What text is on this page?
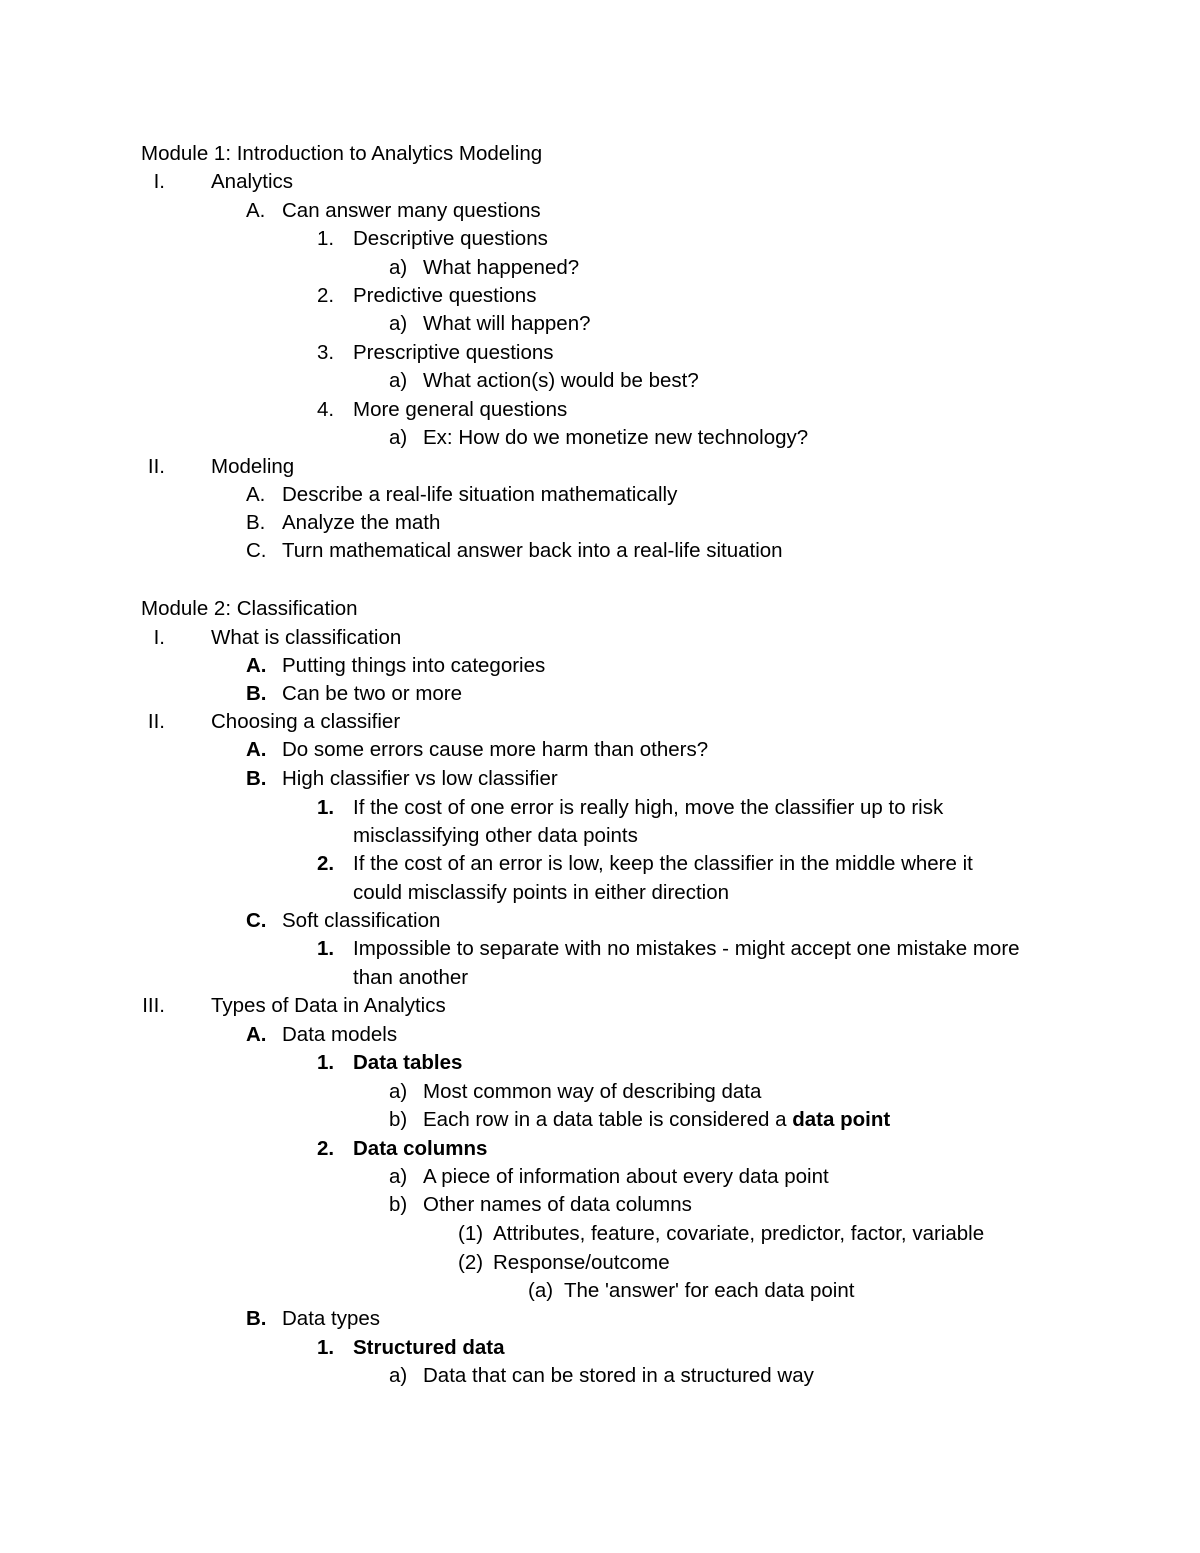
Module 1: Introduction to Analytics Modeling
I.	Analytics
A. Can answer many questions
1. Descriptive questions
a) What happened?
2. Predictive questions
a) What will happen?
3. Prescriptive questions
a) What action(s) would be best?
4. More general questions
a) Ex: How do we monetize new technology?
II.	Modeling
A. Describe a real-life situation mathematically
B. Analyze the math
C. Turn mathematical answer back into a real-life situation
Module 2: Classification
I.	What is classification
A. Putting things into categories
B. Can be two or more
II.	Choosing a classifier
A. Do some errors cause more harm than others?
B. High classifier vs low classifier
1. If the cost of one error is really high, move the classifier up to risk
misclassifying other data points
2. If the cost of an error is low, keep the classifier in the middle where it
could misclassify points in either direction
C. Soft classification
1. Impossible to separate with no mistakes - might accept one mistake more
than another
III.	Types of Data in Analytics
A. Data models
1. Data tables
a) Most common way of describing data
b) Each row in a data table is considered a data point
2. Data columns
a) A piece of information about every data point
b) Other names of data columns
(1) Attributes, feature, covariate, predictor, factor, variable
(2) Response/outcome
(a) The 'answer' for each data point
B. Data types
1. Structured data
a) Data that can be stored in a structured way
